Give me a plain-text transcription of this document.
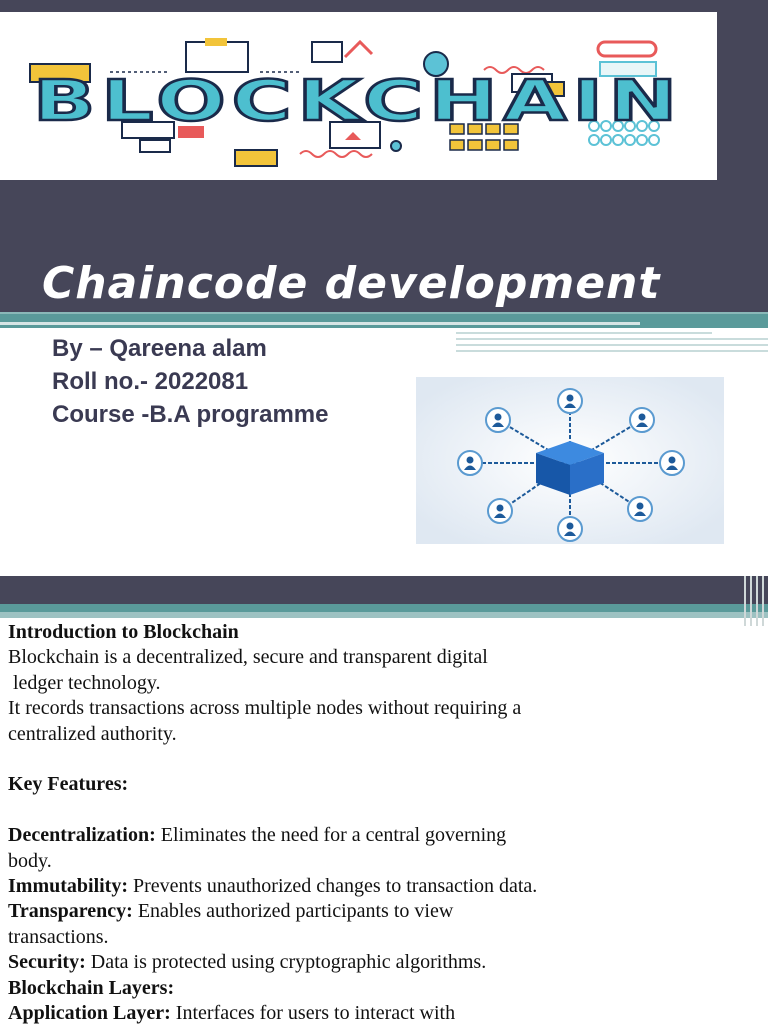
BLOCKCHAIN
Chaincode development
By – Qareena alam
Roll no.- 2022081
Course -B.A programme

Introduction to Blockchain

Blockchain is a decentralized, secure and transparent digital

ledger technology.

It records transactions across multiple nodes without requiring a

centralized authority.

Key Features:

Decentralization: Eliminates the need for a central governing

body.

Immutability: Prevents unauthorized changes to transaction data.

Transparency: Enables authorized participants to view

transactions.

Security: Data is protected using cryptographic algorithms.

Blockchain Layers:

Application Layer: Interfaces for users to interact with
